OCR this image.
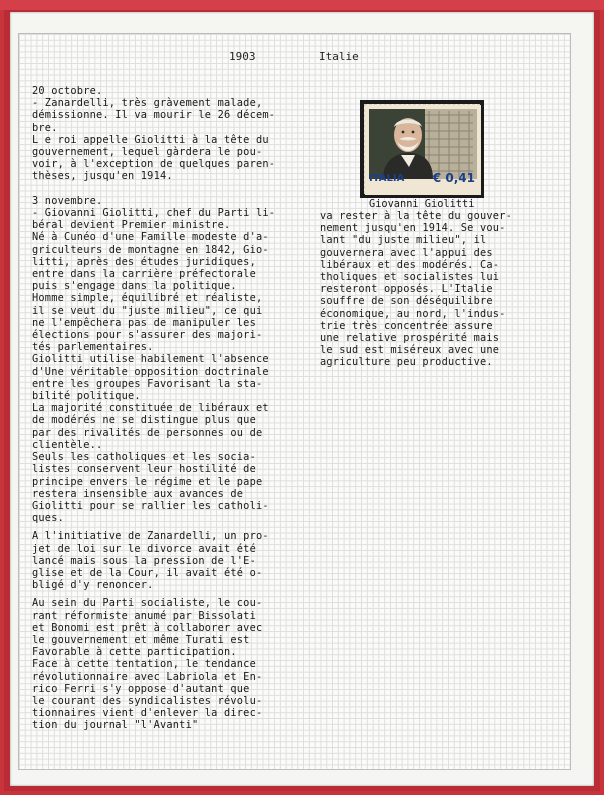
1903	Italie
20 octobre.
- Zanardelli, très gràvement malade,
démissionne. Il va mourir le 26 décem-
bre.
L e roi appelle Giolitti à la tête du
gouvernement, lequel gàrdera le pou-
voir, à l'exception de quelques paren-
thèses, jusqu'en 1914.

3 novembre.
- Giovanni Giolitti, chef du Parti li-
béral devient Premier ministre.
Né à Cunéo d'une Famille modeste d'a-
griculteurs de montagne en 1842, Gio-
litti, après des études juridiques,
entre dans la carrière préfectorale
puis s'engage dans la politique.
Homme simple, équilibré et réaliste,
il se veut du "juste milieu", ce qui
ne l'empêchera pas de manipuler les
élections pour s'assurer des majori-
tés parlementaires.
Giolitti utilise habilement l'absence
d'Une véritable opposition doctrinale
entre les groupes Favorisant la sta-
bilité politique.
La majorité constituée de libéraux et
de modérés ne se distingue plus que
par des rivalités de personnes ou de
clientèle..
Seuls les catholiques et les socia-
listes conservent leur hostilité de
principe envers le régime et le pape
restera insensible aux avances de
Giolitti pour se rallier les catholi-
ques.
A l'initiative de Zanardelli, un pro-
jet de loi sur le divorce avait été
lancé mais sous la pression de l'E-
glise et de la Cour, il avait été o-
bligé d'y renoncer.
Au sein du Parti socialiste, le cou-
rant réformiste anumé par Bissolati
et Bonomi est prêt à collaborer avec
le gouvernement et même Turati est
Favorable à cette participation.
Face à cette tentation, le tendance
révolutionnaire avec Labriola et En-
rico Ferri s'y oppose d'autant que
le courant des syndicalistes révolu-
tionnaires vient d'enlever la direc-
tion du journal "l'Avanti"
ITALIA € 0,41
Giovanni Giolitti
va rester à la tête du gouver-
nement jusqu'en 1914. Se vou-
lant "du juste milieu", il
gouvernera avec l'appui des
libéraux et des modérés. Ca-
tholiques et socialistes lui
resteront opposés. L'Italie
souffre de son déséquilibre
économique, au nord, l'indus-
trie très concentrée assure
une relative prospérité mais
le sud est miséreux avec une
agriculture peu productive.
